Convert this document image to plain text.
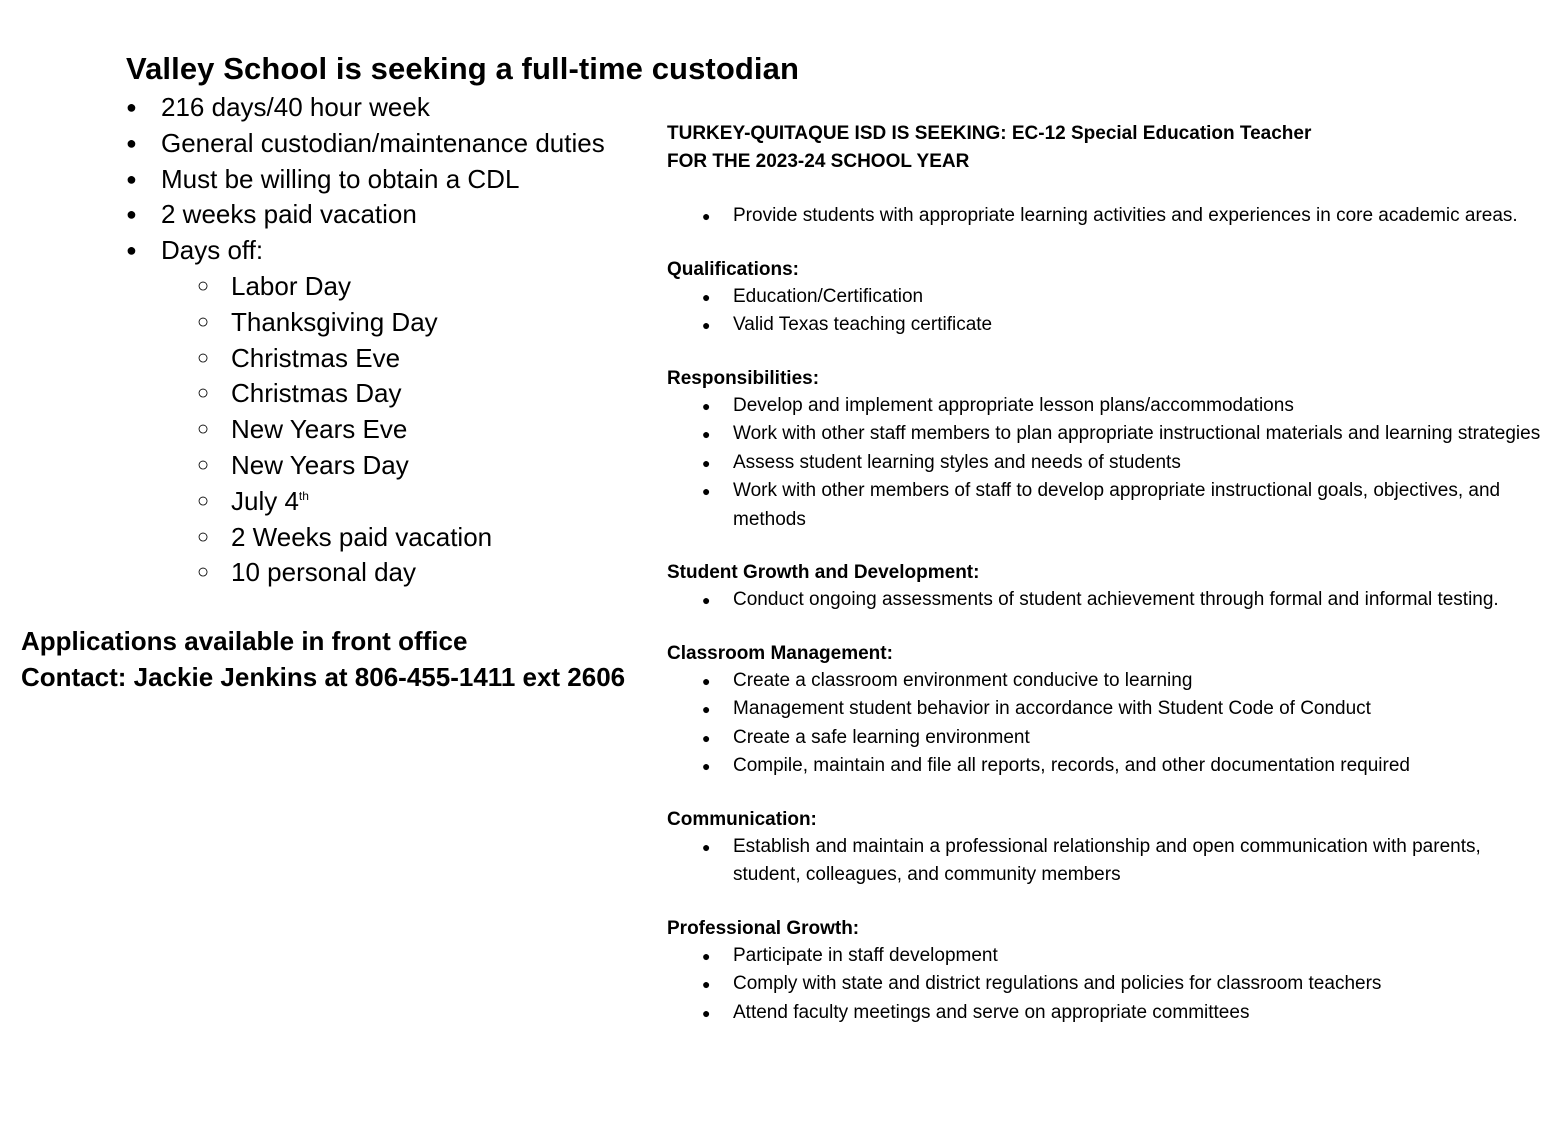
Valley School is seeking a full-time custodian
● 216 days/40 hour week
● General custodian/maintenance duties
● Must be willing to obtain a CDL
● 2 weeks paid vacation
● Days off:
○ Labor Day
○ Thanksgiving Day
○ Christmas Eve
○ Christmas Day
○ New Years Eve
○ New Years Day
○ July 4th
○ 2 Weeks paid vacation
○ 10 personal day
Applications available in front office
Contact: Jackie Jenkins at 806-455-1411 ext 2606
TURKEY-QUITAQUE ISD IS SEEKING: EC-12 Special Education Teacher
FOR THE 2023-24 SCHOOL YEAR
● Provide students with appropriate learning activities and experiences in core academic areas.
Qualifications:
● Education/Certification
● Valid Texas teaching certificate
Responsibilities:
● Develop and implement appropriate lesson plans/accommodations
● Work with other staff members to plan appropriate instructional materials and learning strategies
● Assess student learning styles and needs of students
● Work with other members of staff to develop appropriate instructional goals, objectives, and methods
Student Growth and Development:
● Conduct ongoing assessments of student achievement through formal and informal testing.
Classroom Management:
● Create a classroom environment conducive to learning
● Management student behavior in accordance with Student Code of Conduct
● Create a safe learning environment
● Compile, maintain and file all reports, records, and other documentation required
Communication:
● Establish and maintain a professional relationship and open communication with parents, student, colleagues, and community members
Professional Growth:
● Participate in staff development
● Comply with state and district regulations and policies for classroom teachers
● Attend faculty meetings and serve on appropriate committees
